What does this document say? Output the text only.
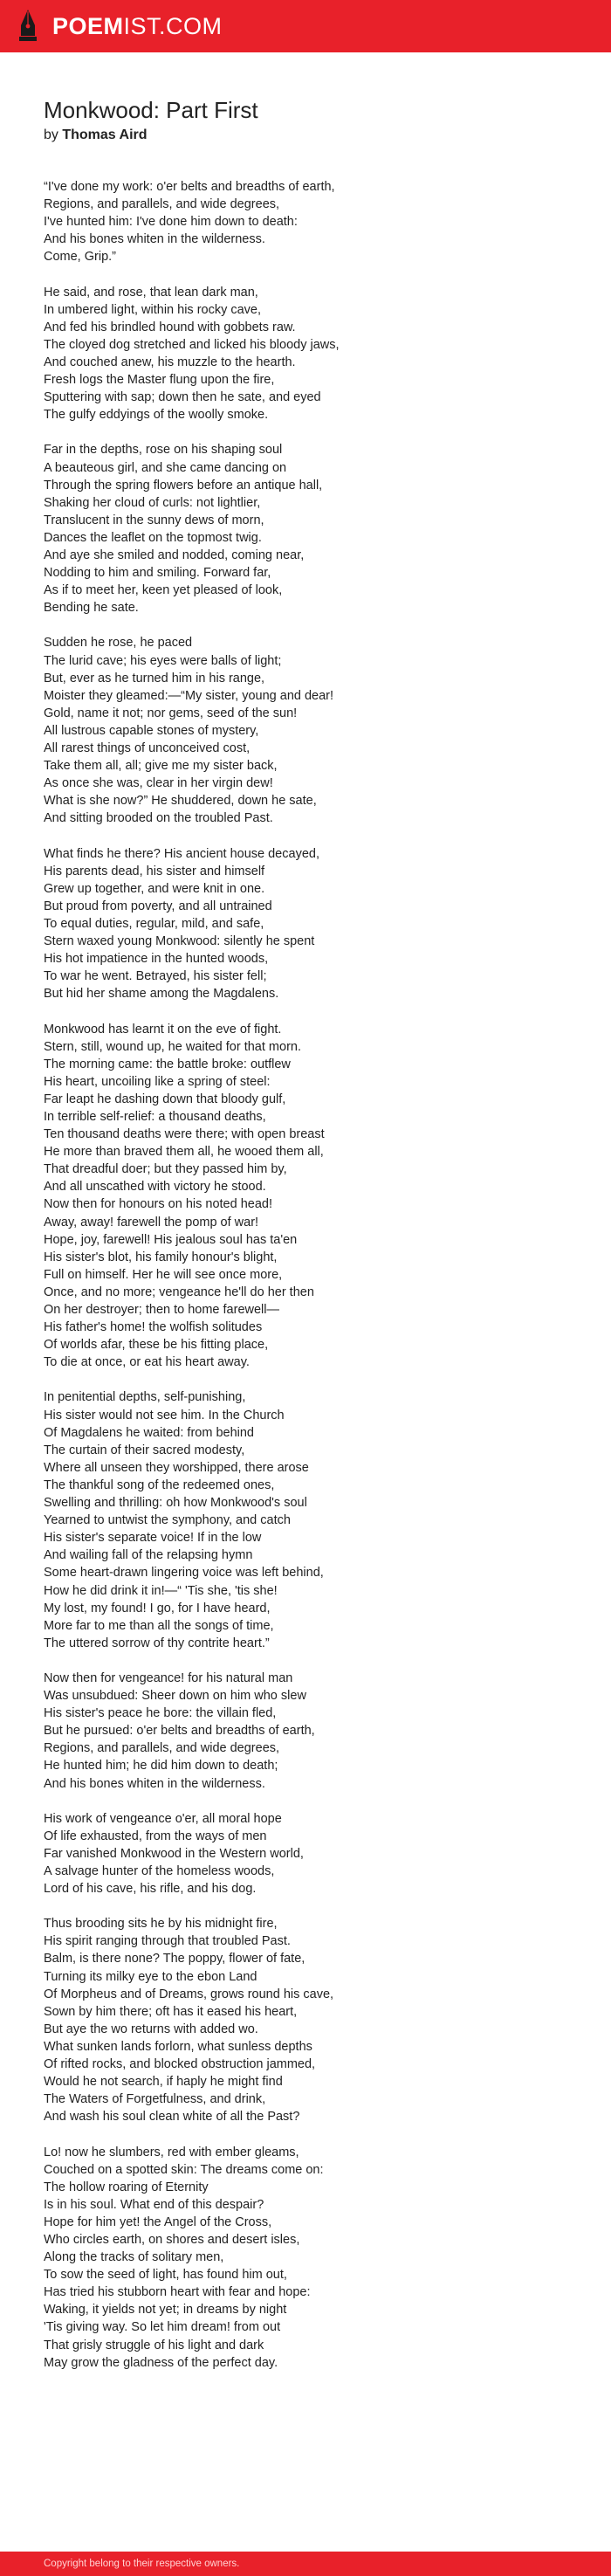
POEMIST.COM
Monkwood: Part First

by Thomas Aird

“I've done my work: o'er belts and breadths of earth,
Regions, and parallels, and wide degrees,
I've hunted him: I've done him down to death:
And his bones whiten in the wilderness.
Come, Grip.”

He said, and rose, that lean dark man,
In umbered light, within his rocky cave,
And fed his brindled hound with gobbets raw.
The cloyed dog stretched and licked his bloody jaws,
And couched anew, his muzzle to the hearth.
Fresh logs the Master flung upon the fire,
Sputtering with sap; down then he sate, and eyed
The gulfy eddyings of the woolly smoke.

Far in the depths, rose on his shaping soul
A beauteous girl, and she came dancing on
Through the spring flowers before an antique hall,
Shaking her cloud of curls: not lightlier,
Translucent in the sunny dews of morn,
Dances the leaflet on the topmost twig.
And aye she smiled and nodded, coming near,
Nodding to him and smiling. Forward far,
As if to meet her, keen yet pleased of look,
Bending he sate.

Sudden he rose, he paced
The lurid cave; his eyes were balls of light;
But, ever as he turned him in his range,
Moister they gleamed:—“My sister, young and dear!
Gold, name it not; nor gems, seed of the sun!
All lustrous capable stones of mystery,
All rarest things of unconceived cost,
Take them all, all; give me my sister back,
As once she was, clear in her virgin dew!
What is she now?” He shuddered, down he sate,
And sitting brooded on the troubled Past.

What finds he there? His ancient house decayed,
His parents dead, his sister and himself
Grew up together, and were knit in one.
But proud from poverty, and all untrained
To equal duties, regular, mild, and safe,
Stern waxed young Monkwood: silently he spent
His hot impatience in the hunted woods,
To war he went. Betrayed, his sister fell;
But hid her shame among the Magdalens.

Monkwood has learnt it on the eve of fight.
Stern, still, wound up, he waited for that morn.
The morning came: the battle broke: outflew
His heart, uncoiling like a spring of steel:
Far leapt he dashing down that bloody gulf,
In terrible self-relief: a thousand deaths,
Ten thousand deaths were there; with open breast
He more than braved them all, he wooed them all,
That dreadful doer; but they passed him by,
And all unscathed with victory he stood.
Now then for honours on his noted head!
Away, away! farewell the pomp of war!
Hope, joy, farewell! His jealous soul has ta'en
His sister's blot, his family honour's blight,
Full on himself. Her he will see once more,
Once, and no more; vengeance he'll do her then
On her destroyer; then to home farewell—
His father's home! the wolfish solitudes
Of worlds afar, these be his fitting place,
To die at once, or eat his heart away.

In penitential depths, self-punishing,
His sister would not see him. In the Church
Of Magdalens he waited: from behind
The curtain of their sacred modesty,
Where all unseen they worshipped, there arose
The thankful song of the redeemed ones,
Swelling and thrilling: oh how Monkwood's soul
Yearned to untwist the symphony, and catch
His sister's separate voice! If in the low
And wailing fall of the relapsing hymn
Some heart-drawn lingering voice was left behind,
How he did drink it in!—“ 'Tis she, 'tis she!
My lost, my found! I go, for I have heard,
More far to me than all the songs of time,
The uttered sorrow of thy contrite heart.”

Now then for vengeance! for his natural man
Was unsubdued: Sheer down on him who slew
His sister's peace he bore: the villain fled,
But he pursued: o'er belts and breadths of earth,
Regions, and parallels, and wide degrees,
He hunted him; he did him down to death;
And his bones whiten in the wilderness.

His work of vengeance o'er, all moral hope
Of life exhausted, from the ways of men
Far vanished Monkwood in the Western world,
A salvage hunter of the homeless woods,
Lord of his cave, his rifle, and his dog.

Thus brooding sits he by his midnight fire,
His spirit ranging through that troubled Past.
Balm, is there none? The poppy, flower of fate,
Turning its milky eye to the ebon Land
Of Morpheus and of Dreams, grows round his cave,
Sown by him there; oft has it eased his heart,
But aye the wo returns with added wo.
What sunken lands forlorn, what sunless depths
Of rifted rocks, and blocked obstruction jammed,
Would he not search, if haply he might find
The Waters of Forgetfulness, and drink,
And wash his soul clean white of all the Past?

Lo! now he slumbers, red with ember gleams,
Couched on a spotted skin: The dreams come on:
The hollow roaring of Eternity
Is in his soul. What end of this despair?
Hope for him yet! the Angel of the Cross,
Who circles earth, on shores and desert isles,
Along the tracks of solitary men,
To sow the seed of light, has found him out,
Has tried his stubborn heart with fear and hope:
Waking, it yields not yet; in dreams by night
'Tis giving way. So let him dream! from out
That grisly struggle of his light and dark
May grow the gladness of the perfect day.

Copyright belong to their respective owners.
